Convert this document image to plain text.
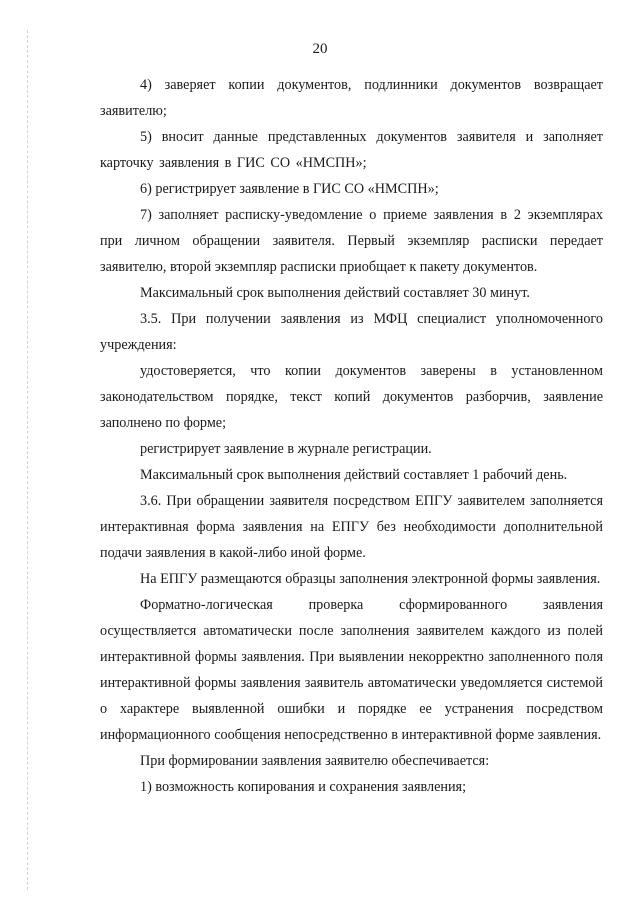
20

4) заверяет копии документов, подлинники документов возвращает заявителю;

5) вносит данные представленных документов заявителя и заполняет карточку заявления в ГИС СО «НМСПН»;

6) регистрирует заявление в ГИС СО «НМСПН»;

7) заполняет расписку-уведомление о приеме заявления в 2 экземплярах при личном обращении заявителя. Первый экземпляр расписки передает заявителю, второй экземпляр расписки приобщает к пакету документов.

Максимальный срок выполнения действий составляет 30 минут.

3.5. При получении заявления из МФЦ специалист уполномоченного учреждения:

удостоверяется, что копии документов заверены в установленном законодательством порядке, текст копий документов разборчив, заявление заполнено по форме;

регистрирует заявление в журнале регистрации.

Максимальный срок выполнения действий составляет 1 рабочий день.

3.6. При обращении заявителя посредством ЕПГУ заявителем заполняется интерактивная форма заявления на ЕПГУ без необходимости дополнительной подачи заявления в какой-либо иной форме.

На ЕПГУ размещаются образцы заполнения электронной формы заявления.

Форматно-логическая проверка сформированного заявления осуществляется автоматически после заполнения заявителем каждого из полей интерактивной формы заявления. При выявлении некорректно заполненного поля интерактивной формы заявления заявитель автоматически уведомляется системой о характере выявленной ошибки и порядке ее устранения посредством информационного сообщения непосредственно в интерактивной форме заявления.

При формировании заявления заявителю обеспечивается:

1) возможность копирования и сохранения заявления;
